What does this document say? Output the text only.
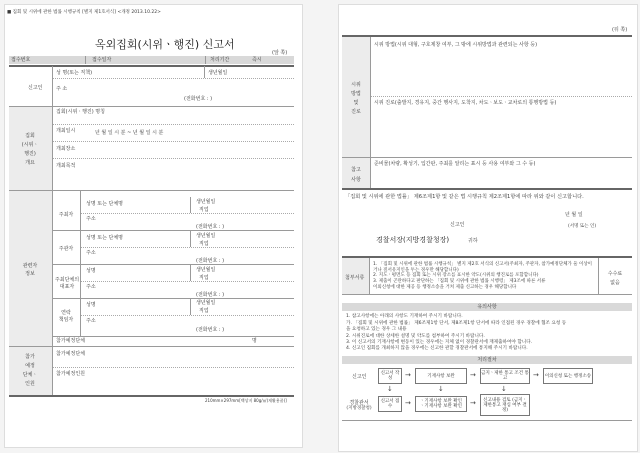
■ 집회 및 시위에 관한 법률 시행규칙 [별지 제1호서식] <개정 2013.10.22>
옥외집회(시위ㆍ행진) 신고서
(앞 쪽)
접수번호	접수일자	처리기간	즉시
신고인
성 명(또는 직책)	생년월일
주 소
(전화번호 : )
집회
(시위ㆍ
행진)
개요
집회(시위ㆍ행진) 명칭
개최일시	년 월 일 시 분 ~ 년 월 일 시 분
개최장소
개최목적
관련자
정보
주최자
성명 또는 단체명	생년월일
직업
주소
(전화번호 : )
주관자
성명 또는 단체명	생년월일
직업
주소
(전화번호 : )
주최단체의
대표자
성명	생년월일
직업
주소
(전화번호 : )
연락
책임자
성명	생년월일
직업
주소
(전화번호 : )
참가예정단체	명
참가
예정
단체ㆍ
인원
참가예정단체
참가예정인원
210mm×297mm[백상지 80g/㎡(재활용품)]
(뒤 쪽)
시위
방법
및
진로
시위 방법(시위 대형, 구호제창 여부, 그 밖에 시위방법과 관련되는 사항 등)
시위 진로(출발지, 경유지, 중간 행사지, 도착지, 차도ㆍ보도ㆍ교차로의 통행방법 등)
참고
사항
준비물(차량, 확성기, 입간판, 주최를 알리는 표시 등 사용 여부와 그 수 등)
「집회 및 시위에 관한 법률」 제6조제1항 및 같은 법 시행규칙 제2조제1항에 따라 위와 같이 신고합니다.
년 월 일
신고인	(서명 또는 인)
경찰서장(지방경찰청장)	귀하
첨부서류
1. 「집회 및 시위에 관한 법률 시행규칙」 별지 제2호 서식의 신고서(주최자, 주관자, 참가예정단체가 둘 이상이거나 질서유지인을 두는 경우만 해당합니다)
2. 지도ㆍ평면도 등 집회 또는 시위 장소를 표시한 약도(시위의 행진로를 포함합니다)
3. 제출이 곤란하다고 판단하는 「집회 및 시위에 관한 법률 시행령」 제3조에 따른 서류
이외신청에 대한 제공 등 행정소송을 거쳐 제출 신고하는 경우 해당합니다
수수료
없음
유의사항
1. 참고사항에는 아래의 사항도 기재하여 주시기 바랍니다.
가. 「집회 및 시위에 관한 법률」 제6조제1항 단서, 제8조제1항 단서에 따라 인접된 경우 경찰에 협조 요청 등
을 요청하고 있는 경우 그 내용
2. 시위진로에 대한 상세한 설명 및 약도를 첨부하여 주시기 바랍니다.
3. 이 신고서의 기재사항에 변동이 있는 경우에는 지체 없이 경찰관서에 재제출하여야 합니다.
4. 신고인 집회를 개최하지 않을 경우에는 신고한 관할 경찰관서에 통지해 주시기 바랍니다.
처리절차
신고인
신고서 작성	→	기재사항 보완	→ 금지ㆍ제한 통고 조건 통고	→	이의신청 또는 행정소송
↓	↓	↓
경찰관서
(지방경찰청)
신고서 접수	→	ㆍ기재사항 보완 확인
ㆍ기재사항 보완 확인	→	신고내용 검토 (금지ㆍ제한통고 재심 여부 결정)
